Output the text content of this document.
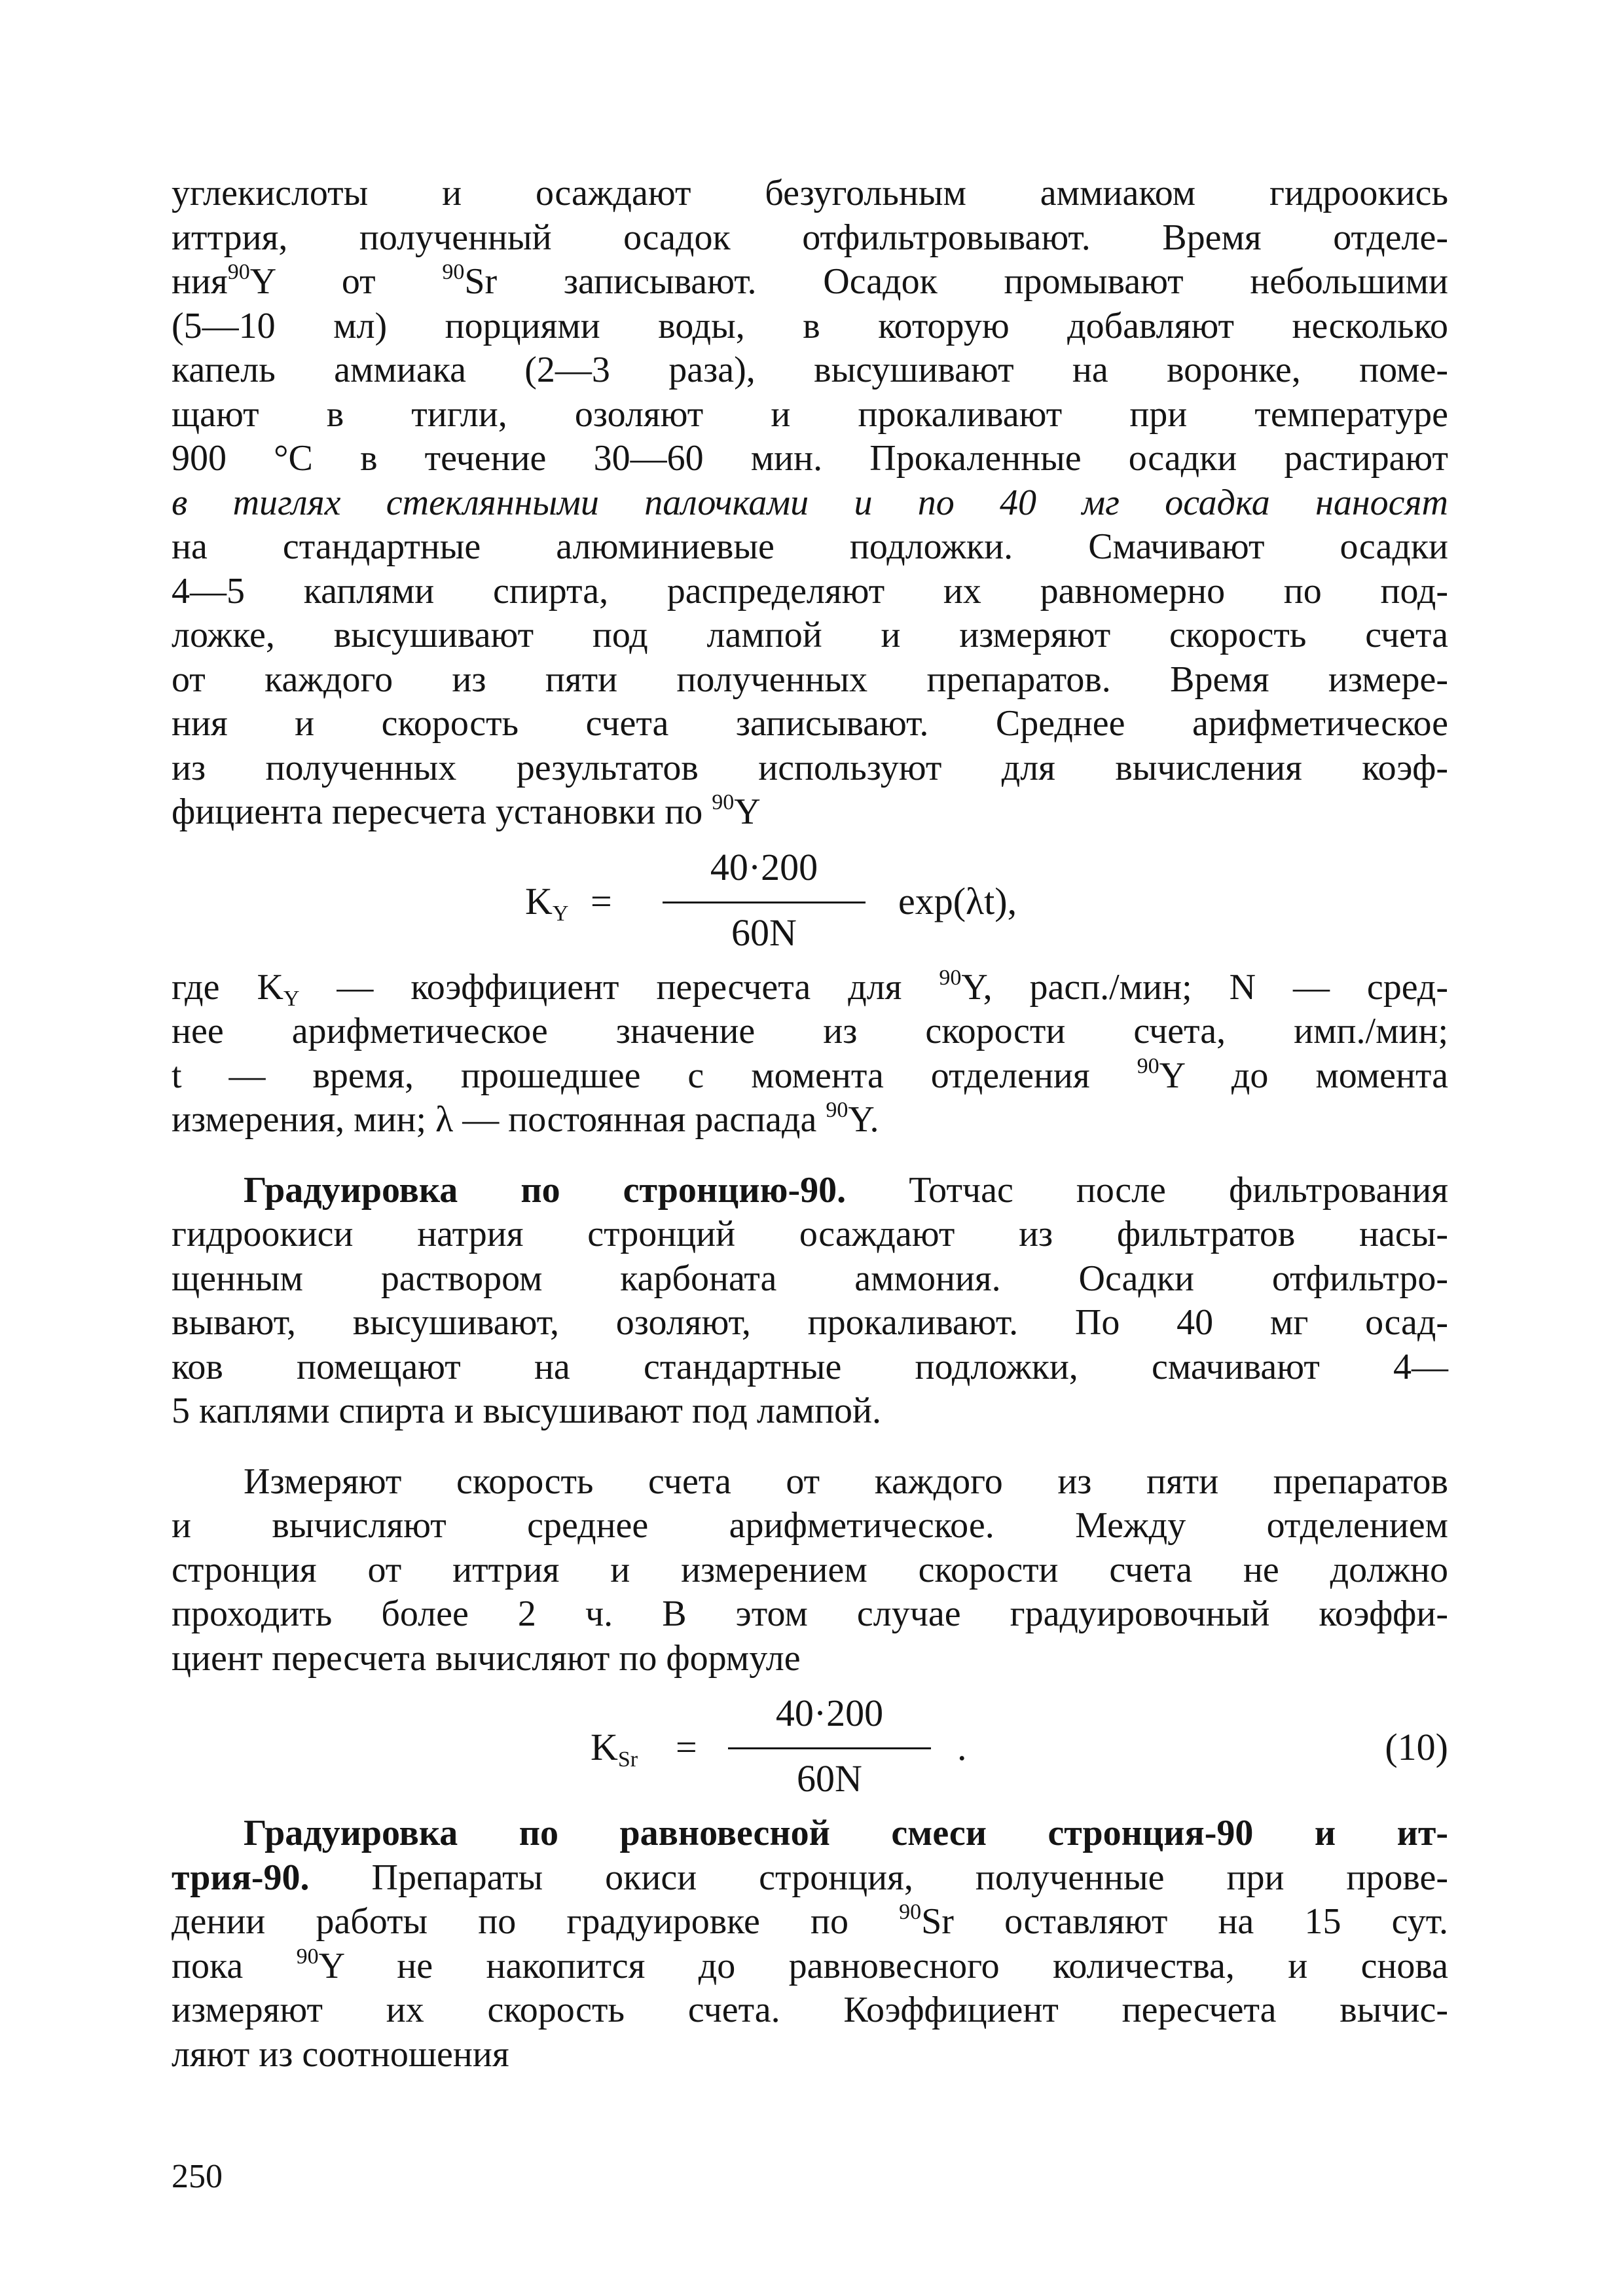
углекислоты и осаждают безугольным аммиаком гидроокись
иттрия, полученный осадок отфильтровывают. Время отделе-
ния$^{90}$Y от $^{90}$Sr записывают. Осадок промывают небольшими
(5—10 мл) порциями воды, в которую добавляют несколько
капель аммиака (2—3 раза), высушивают на воронке, поме-
щают в тигли, озоляют и прокаливают при температуре
900 °С в течение 30—60 мин. Прокаленные осадки растирают
в тиглях стеклянными палочками и по 40 мг осадка наносят
на стандартные алюминиевые подложки. Смачивают осадки
4—5 каплями спирта, распределяют их равномерно по под-
ложке, высушивают под лампой и измеряют скорость счета
от каждого из пяти полученных препаратов. Время измере-
ния и скорость счета записывают. Среднее арифметическое
из полученных результатов используют для вычисления коэф-
фициента пересчета установки по $^{90}$Y
$K_Y$ =
40·200
60N
exp(λt),
где $K_Y$ — коэффициент пересчета для $^{90}$Y, расп./мин; N — сред-
нее арифметическое значение из скорости счета, имп./мин;
t — время, прошедшее с момента отделения $^{90}$Y до момента
измерения, мин; λ — постоянная распада $^{90}$Y.
Градуировка по стронцию-90. Тотчас после фильтрования
гидроокиси натрия стронций осаждают из фильтратов насы-
щенным раствором карбоната аммония. Осадки отфильтро-
вывают, высушивают, озоляют, прокаливают. По 40 мг осад-
ков помещают на стандартные подложки, смачивают 4—
5 каплями спирта и высушивают под лампой.
Измеряют скорость счета от каждого из пяти препаратов
и вычисляют среднее арифметическое. Между отделением
стронция от иттрия и измерением скорости счета не должно
проходить более 2 ч. В этом случае градуировочный коэффи-
циент пересчета вычисляют по формуле
$K_{Sr}$ =
40·200
60N
.	(10)
Градуировка по равновесной смеси стронция-90 и ит-
трия-90. Препараты окиси стронция, полученные при прове-
дении работы по градуировке по $^{90}$Sr оставляют на 15 сут.
пока $^{90}$Y не накопится до равновесного количества, и снова
измеряют их скорость счета. Коэффициент пересчета вычис-
ляют из соотношения
250
